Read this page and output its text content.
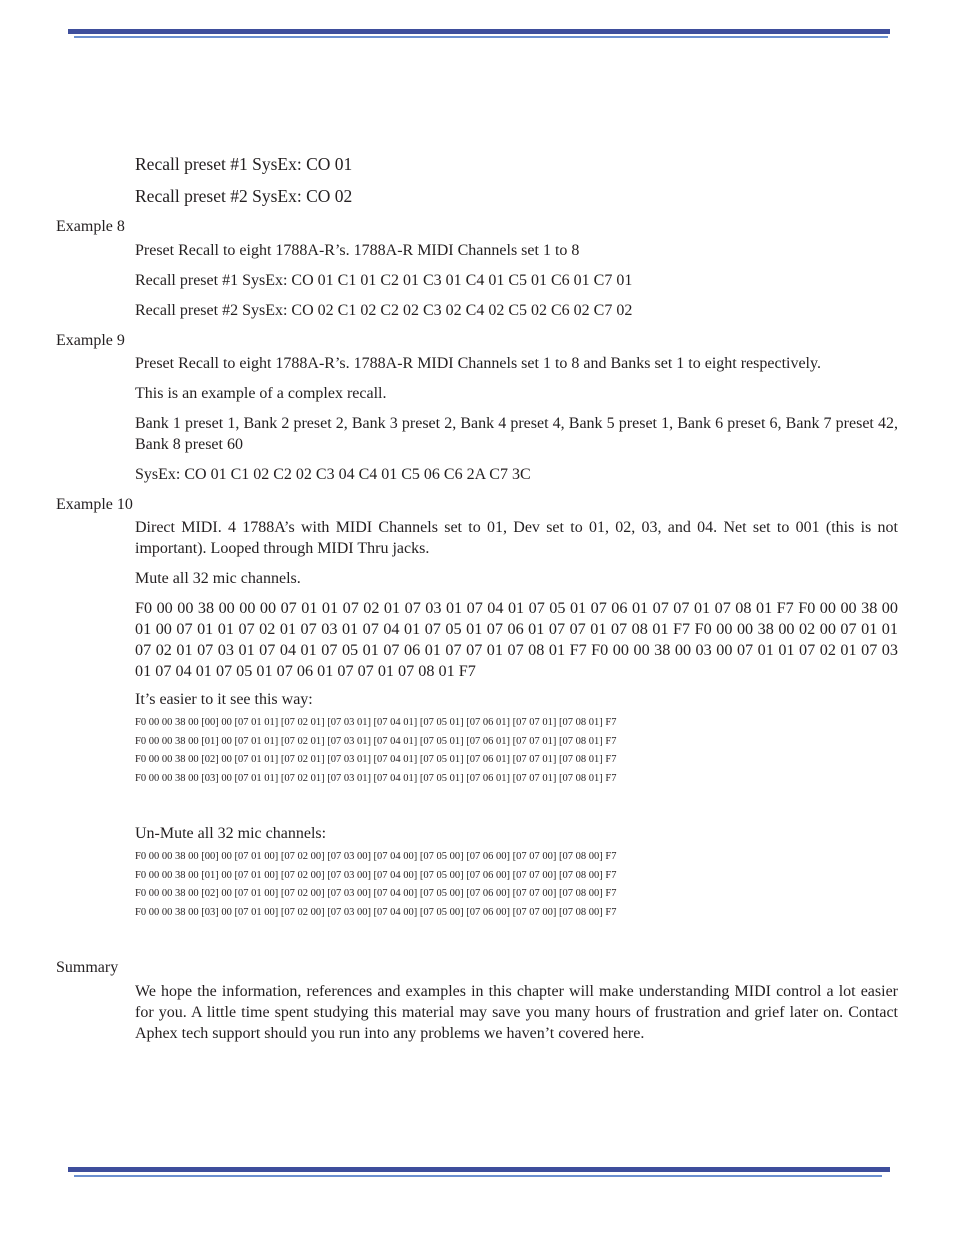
Recall preset #1 SysEx: CO 01

Recall preset #2 SysEx: CO 02

Example 8

Preset Recall to eight 1788A-R’s. 1788A-R MIDI Channels set 1 to 8

Recall preset #1 SysEx: CO 01 C1 01 C2 01 C3 01 C4 01 C5 01 C6 01 C7 01

Recall preset #2 SysEx: CO 02 C1 02 C2 02 C3 02 C4 02 C5 02 C6 02 C7 02

Example 9

Preset Recall to eight 1788A-R’s. 1788A-R MIDI Channels set 1 to 8 and Banks set 1 to eight respectively.

This is an example of a complex recall.

Bank 1 preset 1, Bank 2 preset 2, Bank 3 preset 2, Bank 4 preset 4, Bank 5 preset 1, Bank 6 preset 6, Bank 7 preset 42, Bank 8 preset 60

SysEx: CO 01 C1 02 C2 02 C3 04 C4 01 C5 06 C6 2A C7 3C

Example 10

Direct MIDI. 4 1788A’s with MIDI Channels set to 01, Dev set to 01, 02, 03, and 04. Net set to 001 (this is not important). Looped through MIDI Thru jacks.

Mute all 32 mic channels.

F0 00 00 38 00 00 00 07 01 01 07 02 01 07 03 01 07 04 01 07 05 01 07 06 01 07 07 01 07 08 01 F7 F0 00 00 38 00 01 00 07 01 01 07 02 01 07 03 01 07 04 01 07 05 01 07 06 01 07 07 01 07 08 01 F7 F0 00 00 38 00 02 00 07 01 01 07 02 01 07 03 01 07 04 01 07 05 01 07 06 01 07 07 01 07 08 01 F7 F0 00 00 38 00 03 00 07 01 01 07 02 01 07 03 01 07 04 01 07 05 01 07 06 01 07 07 01 07 08 01 F7

It’s easier to it see this way:

F0 00 00 38 00 [00] 00 [07 01 01] [07 02 01] [07 03 01] [07 04 01] [07 05 01] [07 06 01] [07 07 01] [07 08 01] F7
F0 00 00 38 00 [01] 00 [07 01 01] [07 02 01] [07 03 01] [07 04 01] [07 05 01] [07 06 01] [07 07 01] [07 08 01] F7
F0 00 00 38 00 [02] 00 [07 01 01] [07 02 01] [07 03 01] [07 04 01] [07 05 01] [07 06 01] [07 07 01] [07 08 01] F7
F0 00 00 38 00 [03] 00 [07 01 01] [07 02 01] [07 03 01] [07 04 01] [07 05 01] [07 06 01] [07 07 01] [07 08 01] F7

Un-Mute all 32 mic channels:

F0 00 00 38 00 [00] 00 [07 01 00] [07 02 00] [07 03 00] [07 04 00] [07 05 00] [07 06 00] [07 07 00] [07 08 00] F7
F0 00 00 38 00 [01] 00 [07 01 00] [07 02 00] [07 03 00] [07 04 00] [07 05 00] [07 06 00] [07 07 00] [07 08 00] F7
F0 00 00 38 00 [02] 00 [07 01 00] [07 02 00] [07 03 00] [07 04 00] [07 05 00] [07 06 00] [07 07 00] [07 08 00] F7
F0 00 00 38 00 [03] 00 [07 01 00] [07 02 00] [07 03 00] [07 04 00] [07 05 00] [07 06 00] [07 07 00] [07 08 00] F7

Summary

We hope the information, references and examples in this chapter will make understanding MIDI control a lot easier for you. A little time spent studying this material may save you many hours of frustration and grief later on. Contact Aphex tech support should you run into any problems we haven’t covered here.
